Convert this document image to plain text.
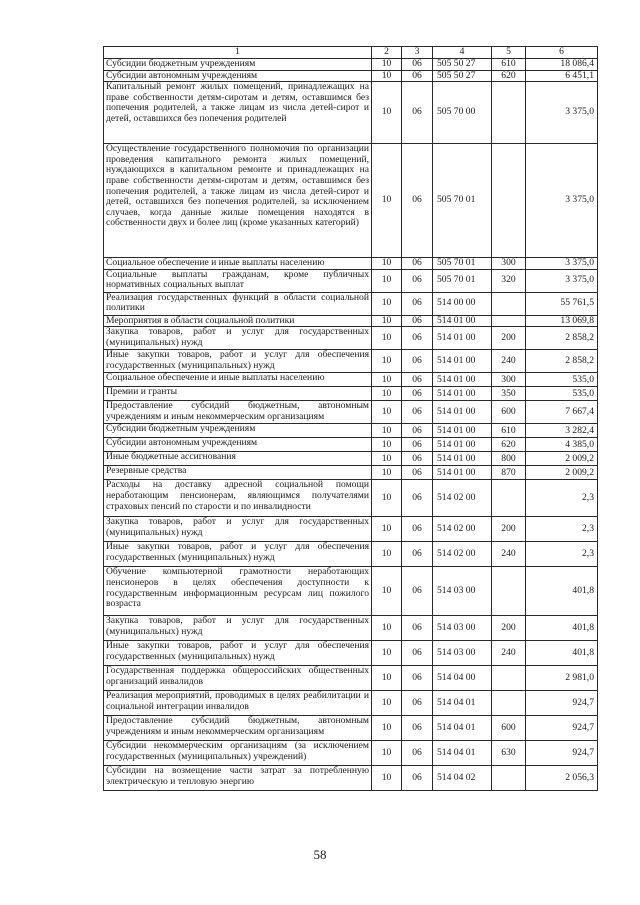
1	2	3	4	5	6
Субсидии бюджетным учреждениям	10	06	505 50 27	610	18 086,4
Субсидии автономным учреждениям	10	06	505 50 27	620	6 451,1
Капитальный ремонт жилых помещений, принадлежащих на праве собственности детям-сиротам и детям, оставшимся без попечения родителей, а также лицам из числа детей-сирот и детей, оставшихся без попечения родителей	10	06	505 70 00		3 375,0
Осуществление государственного полномочия по организации проведения капитального ремонта жилых помещений, нуждающихся в капитальном ремонте и принадлежащих на праве собственности детям-сиротам и детям, оставшимся без попечения родителей, а также лицам из числа детей-сирот и детей, оставшихся без попечения родителей, за исключением случаев, когда данные жилые помещения находятся в собственности двух и более лиц (кроме указанных категорий)	10	06	505 70 01		3 375,0
Социальное обеспечение и иные выплаты населению	10	06	505 70 01	300	3 375,0
Социальные выплаты гражданам, кроме публичных нормативных социальных выплат	10	06	505 70 01	320	3 375,0
Реализация государственных функций в области социальной политики	10	06	514 00 00		55 761,5
Мероприятия в области социальной политики	10	06	514 01 00		13 069,8
Закупка товаров, работ и услуг для государственных (муниципальных) нужд	10	06	514 01 00	200	2 858,2
Иные закупки товаров, работ и услуг для обеспечения государственных (муниципальных) нужд	10	06	514 01 00	240	2 858,2
Социальное обеспечение и иные выплаты населению	10	06	514 01 00	300	535,0
Премии и гранты	10	06	514 01 00	350	535,0
Предоставление субсидий бюджетным, автономным учреждениям и иным некоммерческим организациям	10	06	514 01 00	600	7 667,4
Субсидии бюджетным учреждениям	10	06	514 01 00	610	3 282,4
Субсидии автономным учреждениям	10	06	514 01 00	620	4 385,0
Иные бюджетные ассигнования	10	06	514 01 00	800	2 009,2
Резервные средства	10	06	514 01 00	870	2 009,2
Расходы на доставку адресной социальной помощи неработающим пенсионерам, являющимся получателями страховых пенсий по старости и по инвалидности	10	06	514 02 00		2,3
Закупка товаров, работ и услуг для государственных (муниципальных) нужд	10	06	514 02 00	200	2,3
Иные закупки товаров, работ и услуг для обеспечения государственных (муниципальных) нужд	10	06	514 02 00	240	2,3
Обучение компьютерной грамотности неработающих пенсионеров в целях обеспечения доступности к государственным информационным ресурсам лиц пожилого возраста	10	06	514 03 00		401,8
Закупка товаров, работ и услуг для государственных (муниципальных) нужд	10	06	514 03 00	200	401,8
Иные закупки товаров, работ и услуг для обеспечения государственных (муниципальных) нужд	10	06	514 03 00	240	401,8
Государственная поддержка общероссийских общественных организаций инвалидов	10	06	514 04 00		2 981,0
Реализация мероприятий, проводимых в целях реабилитации и социальной интеграции инвалидов	10	06	514 04 01		924,7
Предоставление субсидий бюджетным, автономным учреждениям и иным некоммерческим организациям	10	06	514 04 01	600	924,7
Субсидии некоммерческим организациям (за исключением государственных (муниципальных) учреждений)	10	06	514 04 01	630	924,7
Субсидии на возмещение части затрат за потребленную электрическую и тепловую энергию	10	06	514 04 02		2 056,3
58
